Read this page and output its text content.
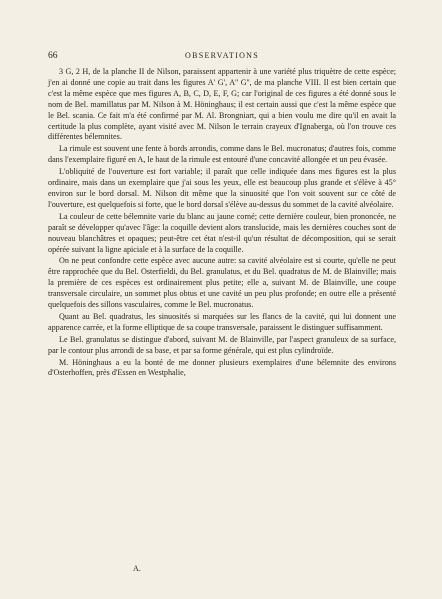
66	OBSERVATIONS

3 G, 2 H, de la planche II de Nilson, paraissent appartenir à une variété plus triquètre de cette espèce; j'en ai donné une copie au trait dans les figures A' G', A'' G'', de ma planche VIII. Il est bien certain que c'est la même espèce que mes figures A, B, C, D, E, F, G; car l'original de ces figures a été donné sous le nom de Bel. mamillatus par M. Nilson à M. Höninghaus; il est certain aussi que c'est la même espèce que le Bel. scania. Ce fait m'a été confirmé par M. Al. Brongniart, qui a bien voulu me dire qu'il en avait la certitude la plus complète, ayant visité avec M. Nilson le terrain crayeux d'Ignaberga, où l'on trouve ces différentes bélemnites.

La rimule est souvent une fente à bords arrondis, comme dans le Bel. mucronatus; d'autres fois, comme dans l'exemplaire figuré en A, le haut de la rimule est entouré d'une concavité allongée et un peu évasée.

L'obliquité de l'ouverture est fort variable; il paraît que celle indiquée dans mes figures est la plus ordinaire, mais dans un exemplaire que j'ai sous les yeux, elle est beaucoup plus grande et s'élève à 45° environ sur le bord dorsal. M. Nilson dit même que la sinuosité que l'on voit souvent sur ce côté de l'ouverture, est quelquefois si forte, que le bord dorsal s'élève au-dessus du sommet de la cavité alvéolaire.

La couleur de cette bélemnite varie du blanc au jaune corné; cette dernière couleur, bien prononcée, ne paraît se développer qu'avec l'âge: la coquille devient alors translucide, mais les dernières couches sont de nouveau blanchâtres et opaques; peut-être cet état n'est-il qu'un résultat de décomposition, qui se serait opérée suivant la ligne apiciale et à la surface de la coquille.

On ne peut confondre cette espèce avec aucune autre: sa cavité alvéolaire est si courte, qu'elle ne peut être rapprochée que du Bel. Osterfieldi, du Bel. granulatus, et du Bel. quadratus de M. de Blainville; mais la première de ces espèces est ordinairement plus petite; elle a, suivant M. de Blainville, une coupe transversale circulaire, un sommet plus obtus et une cavité un peu plus profonde; en outre elle a présenté quelquefois des sillons vasculaires, comme le Bel. mucronatus.

Quant au Bel. quadratus, les sinuosités si marquées sur les flancs de la cavité, qui lui donnent une apparence carrée, et la forme elliptique de sa coupe transversale, paraissent le distinguer suffisamment.

Le Bel. granulatus se distingue d'abord, suivant M. de Blainville, par l'aspect granuleux de sa surface, par le contour plus arrondi de sa base, et par sa forme générale, qui est plus cylindroïde.

M. Höninghaus a eu la bonté de me donner plusieurs exemplaires d'une bélemnite des environs d'Osterhoffen, près d'Essen en Westphalie,

A.
